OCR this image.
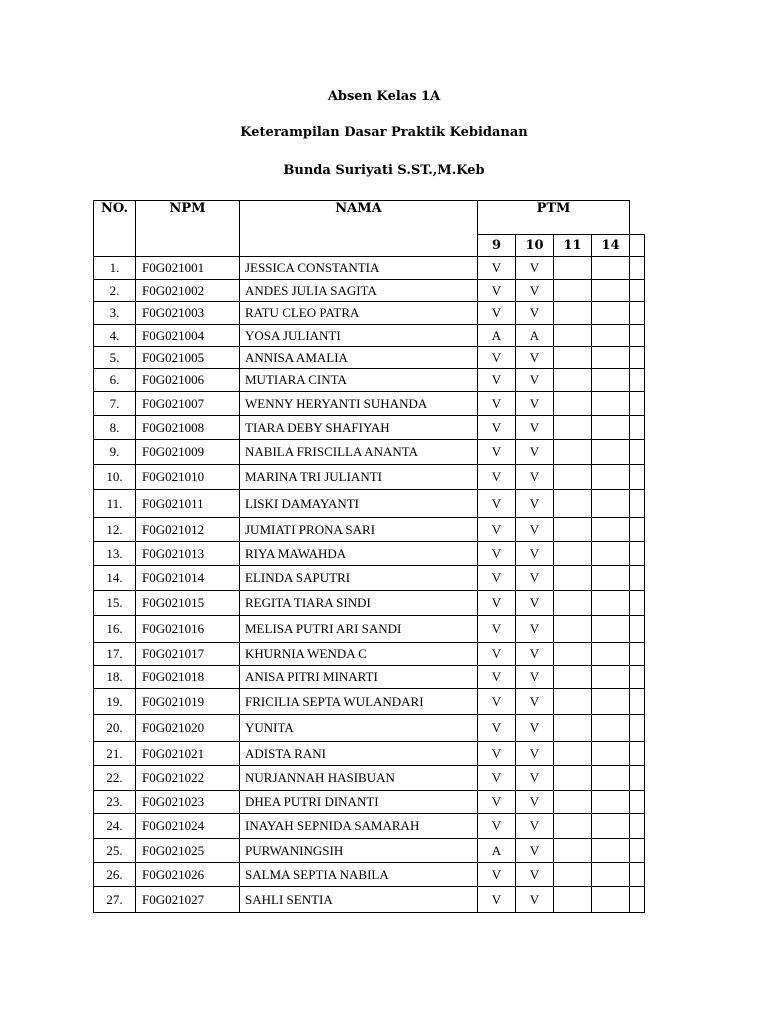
Absen Kelas 1A
Keterampilan Dasar Praktik Kebidanan
Bunda Suriyati S.ST.,M.Keb
NO.	NPM	NAMA	PTM				
			9	10	11	14	
1.	F0G021001	JESSICA CONSTANTIA	V	V			
2.	F0G021002	ANDES JULIA SAGITA	V	V			
3.	F0G021003	RATU CLEO PATRA	V	V			
4.	F0G021004	YOSA JULIANTI	A	A			
5.	F0G021005	ANNISA AMALIA	V	V			
6.	F0G021006	MUTIARA CINTA	V	V			
7.	F0G021007	WENNY HERYANTI SUHANDA	V	V			
8.	F0G021008	TIARA DEBY SHAFIYAH	V	V			
9.	F0G021009	NABILA FRISCILLA ANANTA	V	V			
10.	F0G021010	MARINA TRI JULIANTI	V	V			
11.	F0G021011	LISKI DAMAYANTI	V	V			
12.	F0G021012	JUMIATI PRONA SARI	V	V			
13.	F0G021013	RIYA MAWAHDA	V	V			
14.	F0G021014	ELINDA SAPUTRI	V	V			
15.	F0G021015	REGITA TIARA SINDI	V	V			
16.	F0G021016	MELISA PUTRI ARI SANDI	V	V			
17.	F0G021017	KHURNIA WENDA C	V	V			
18.	F0G021018	ANISA PITRI MINARTI	V	V			
19.	F0G021019	FRICILIA SEPTA WULANDARI	V	V			
20.	F0G021020	YUNITA	V	V			
21.	F0G021021	ADISTA RANI	V	V			
22.	F0G021022	NURJANNAH HASIBUAN	V	V			
23.	F0G021023	DHEA PUTRI DINANTI	V	V			
24.	F0G021024	INAYAH SEPNIDA SAMARAH	V	V			
25.	F0G021025	PURWANINGSIH	A	V			
26.	F0G021026	SALMA SEPTIA NABILA	V	V			
27.	F0G021027	SAHLI SENTIA	V	V			
